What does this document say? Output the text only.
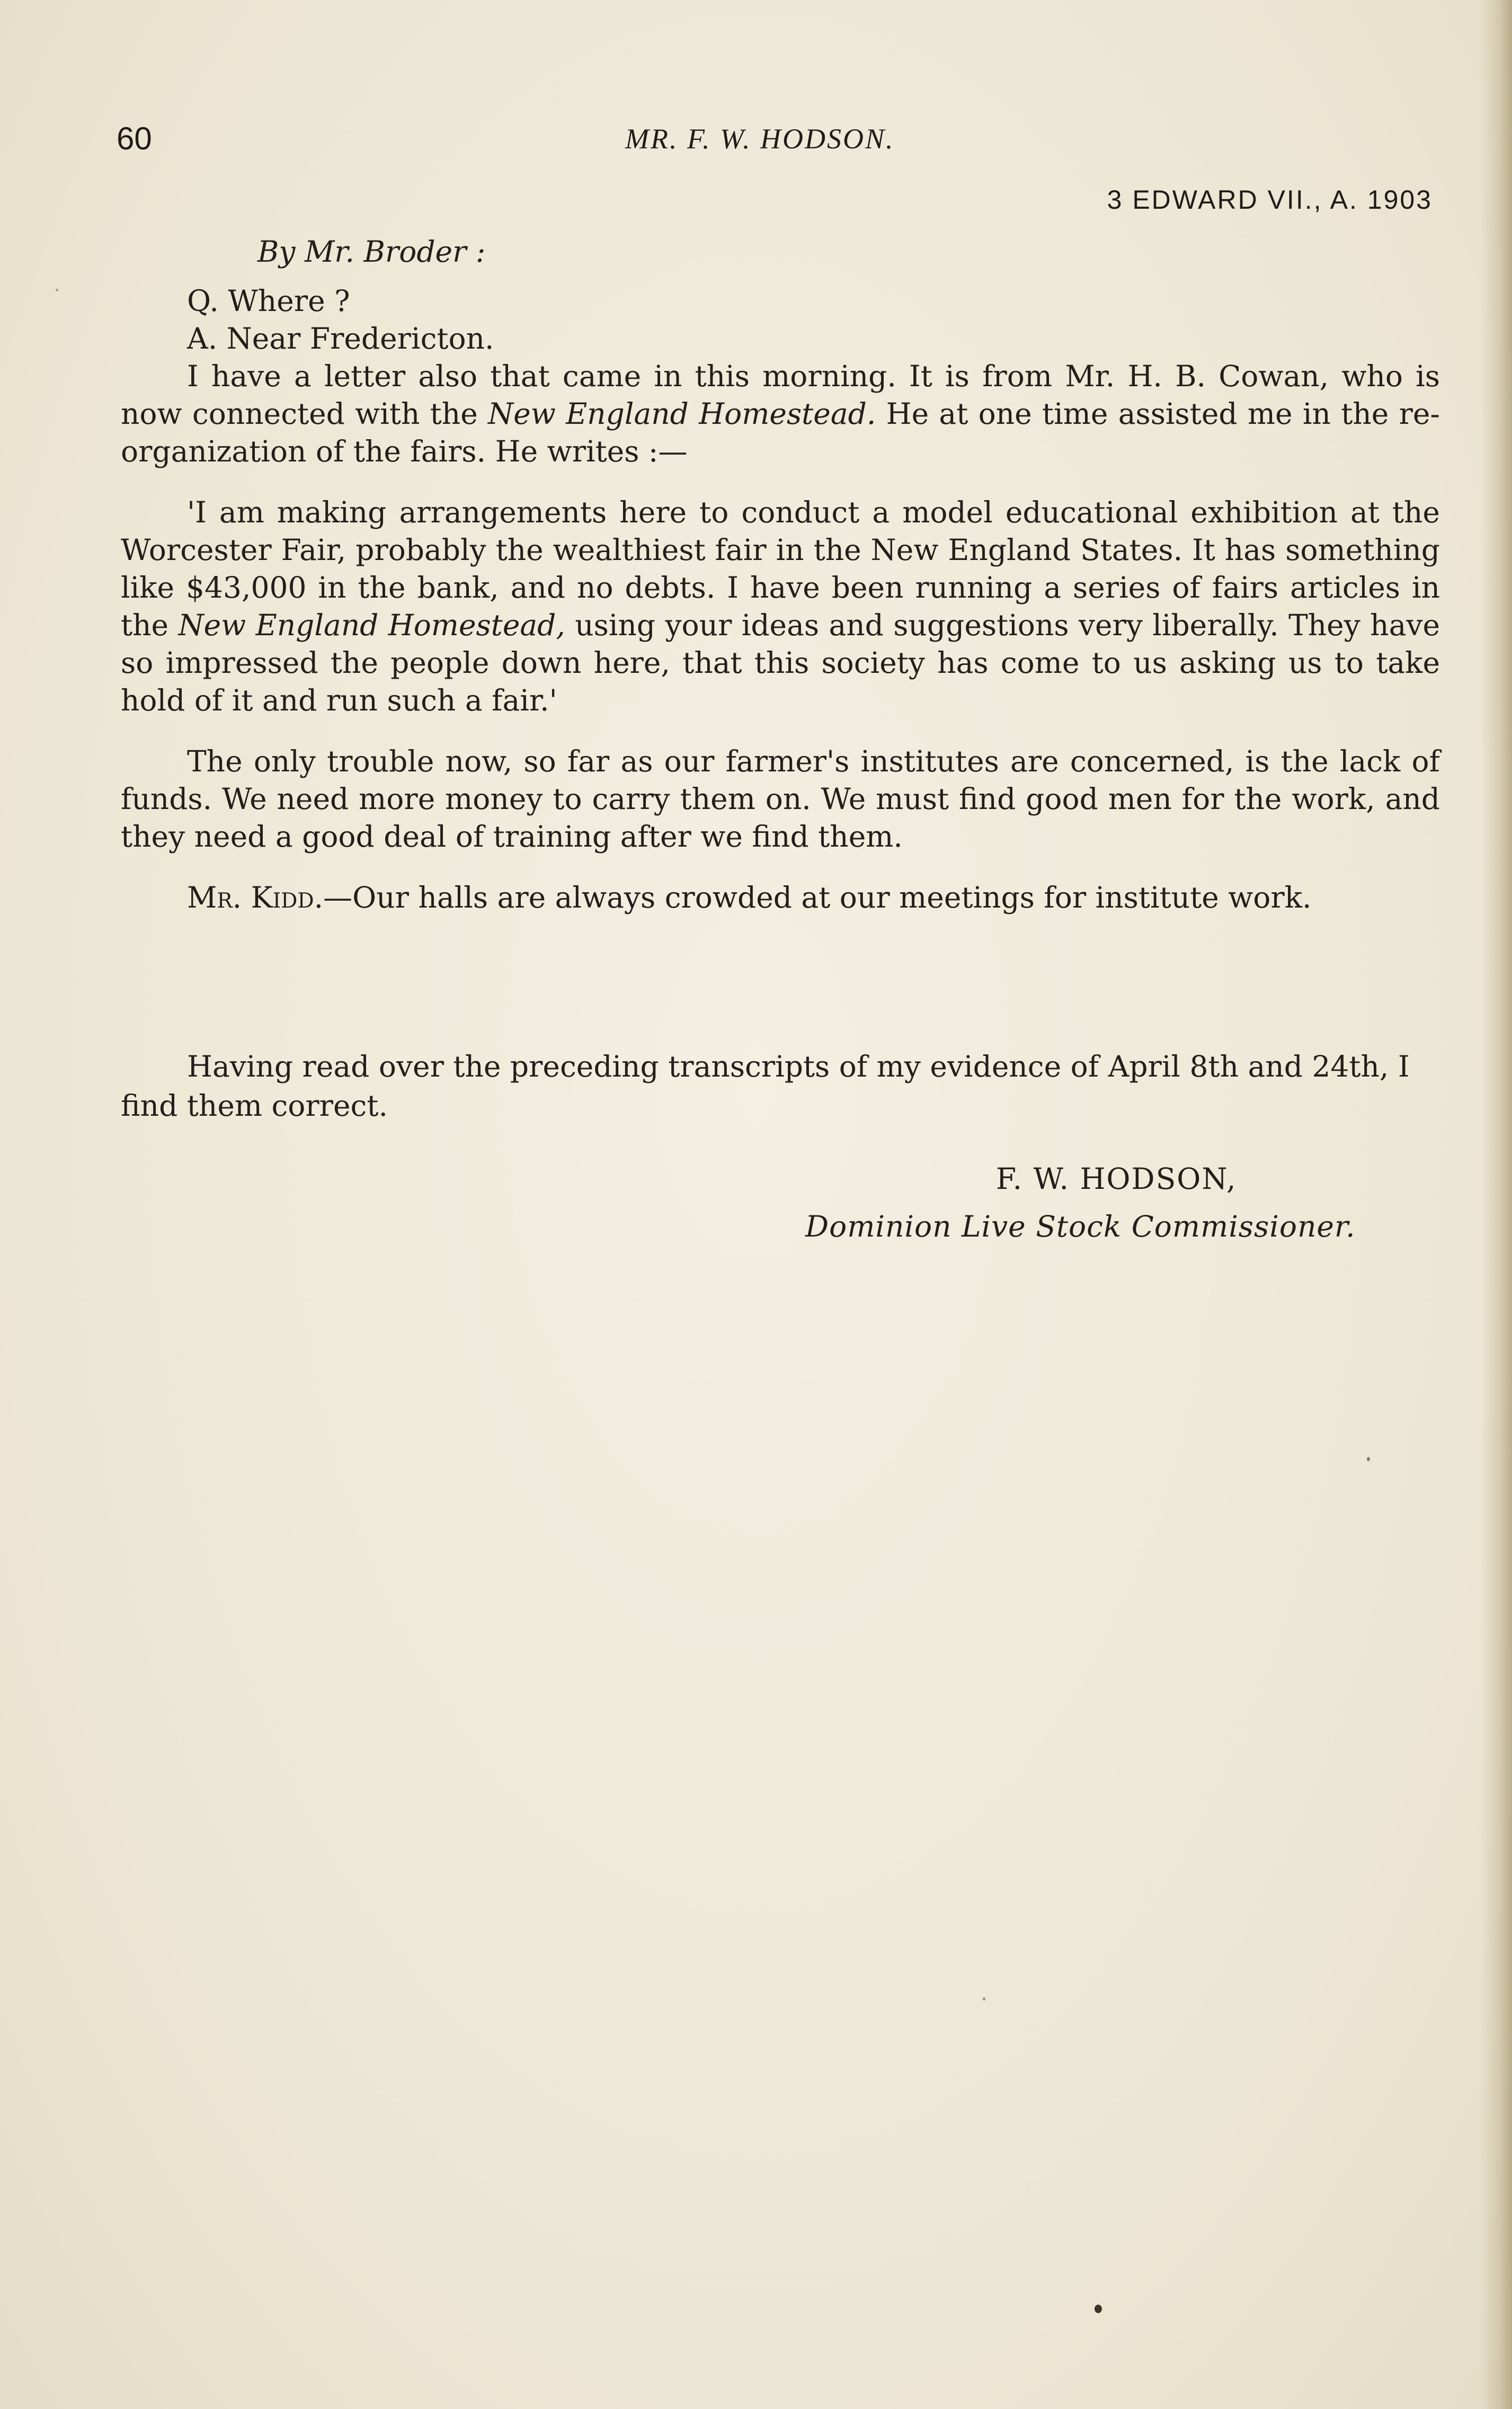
60	MR. F. W. HODSON.
3 EDWARD VII., A. 1903

By Mr. Broder :

Q. Where ?

A. Near Fredericton.

I have a letter also that came in this morning. It is from Mr. H. B. Cowan, who is now connected with the New England Homestead. He at one time assisted me in the re-organization of the fairs. He writes :—

'I am making arrangements here to conduct a model educational exhibition at the Worcester Fair, probably the wealthiest fair in the New England States. It has something like $43,000 in the bank, and no debts. I have been running a series of fairs articles in the New England Homestead, using your ideas and suggestions very liberally. They have so impressed the people down here, that this society has come to us asking us to take hold of it and run such a fair.'

The only trouble now, so far as our farmer's institutes are concerned, is the lack of funds. We need more money to carry them on. We must find good men for the work, and they need a good deal of training after we find them.

Mr. Kidd.—Our halls are always crowded at our meetings for institute work.

Having read over the preceding transcripts of my evidence of April 8th and 24th, I find them correct.

F. W. HODSON,
Dominion Live Stock Commissioner.
